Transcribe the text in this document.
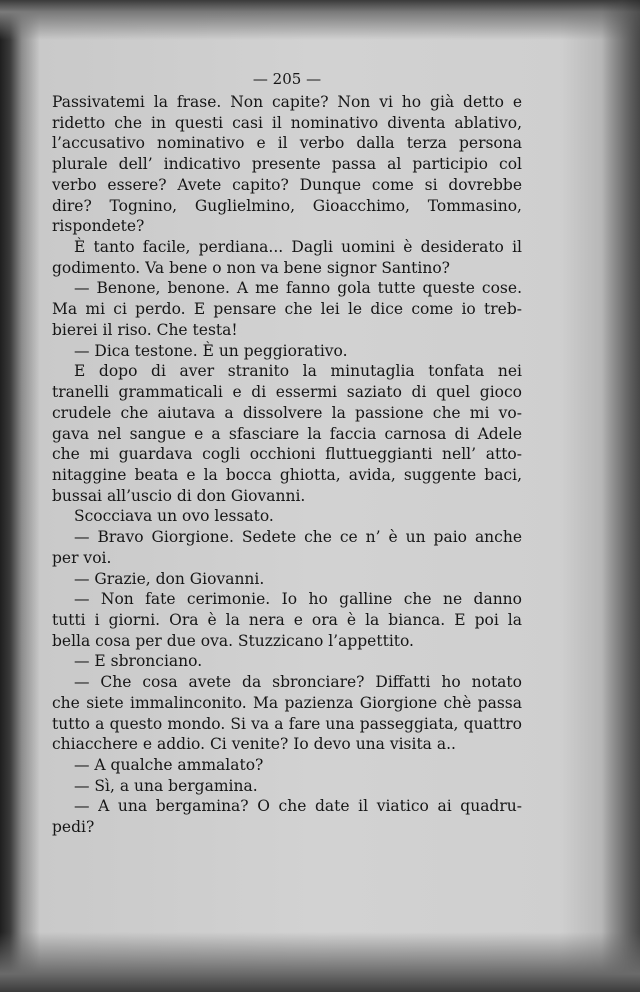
— 205 —
Passivatemi la frase. Non capite? Non vi ho già detto e
ridetto che in questi casi il nominativo diventa ablativo,
l’accusativo nominativo e il verbo dalla terza persona
plurale dell’ indicativo presente passa al participio col
verbo essere? Avete capito? Dunque come si dovrebbe
dire? Tognino, Guglielmino, Gioacchimo, Tommasino,
rispondete?
È tanto facile, perdiana... Dagli uomini è desiderato il
godimento. Va bene o non va bene signor Santino?
— Benone, benone. A me fanno gola tutte queste cose.
Ma mi ci perdo. E pensare che lei le dice come io treb-
bierei il riso. Che testa!
— Dica testone. È un peggiorativo.
E dopo di aver stranito la minutaglia tonfata nei
tranelli grammaticali e di essermi saziato di quel gioco
crudele che aiutava a dissolvere la passione che mi vo-
gava nel sangue e a sfasciare la faccia carnosa di Adele
che mi guardava cogli occhioni fluttueggianti nell’ atto-
nitaggine beata e la bocca ghiotta, avida, suggente baci,
bussai all’uscio di don Giovanni.
Scocciava un ovo lessato.
— Bravo Giorgione. Sedete che ce n’ è un paio anche
per voi.
— Grazie, don Giovanni.
— Non fate cerimonie. Io ho galline che ne danno
tutti i giorni. Ora è la nera e ora è la bianca. E poi la
bella cosa per due ova. Stuzzicano l’appettito.
— E sbronciano.
— Che cosa avete da sbronciare? Diffatti ho notato
che siete immalinconito. Ma pazienza Giorgione chè passa
tutto a questo mondo. Si va a fare una passeggiata, quattro
chiacchere e addio. Ci venite? Io devo una visita a..
— A qualche ammalato?
— Sì, a una bergamina.
— A una bergamina? O che date il viatico ai quadru-
pedi?
